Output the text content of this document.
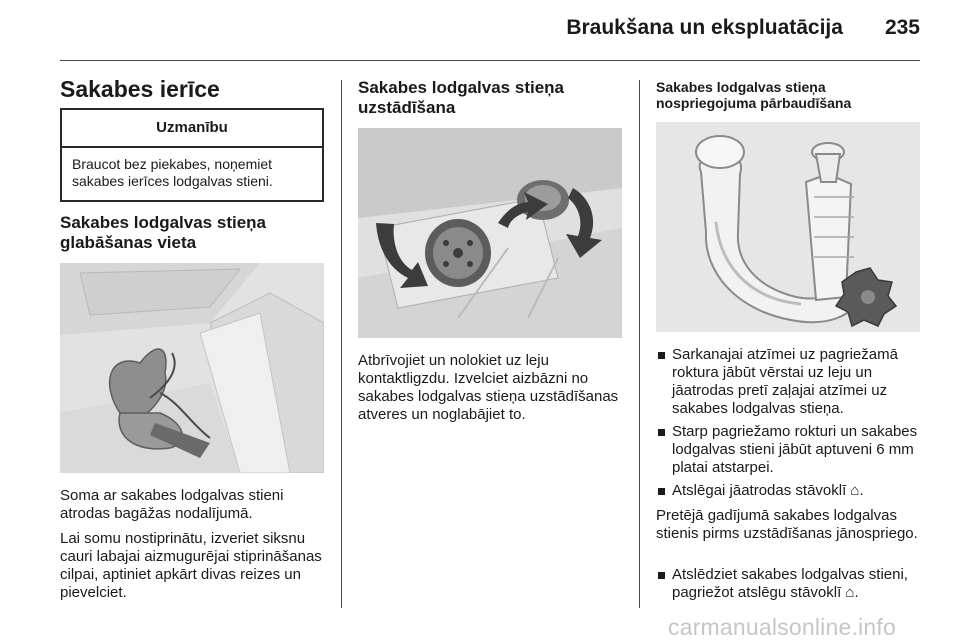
Braukšana un ekspluatācija 235
Sakabes ierīce
Uzmanību
Braucot bez piekabes, noņemiet sakabes ierīces lodgalvas stieni.
Sakabes lodgalvas stieņa glabāšanas vieta
Soma ar sakabes lodgalvas stieni atrodas bagāžas nodalījumā.
Lai somu nostiprinātu, izveriet siksnu cauri labajai aizmugurējai stiprināšanas cilpai, aptiniet apkārt divas reizes un pievelciet.
Sakabes lodgalvas stieņa uzstādīšana
Atbrīvojiet un nolokiet uz leju kontaktligzdu. Izvelciet aizbāzni no sakabes lodgalvas stieņa uzstādīšanas atveres un noglabājiet to.
Sakabes lodgalvas stieņa nospriegojuma pārbaudīšana
Sarkanajai atzīmei uz pagriežamā roktura jābūt vērstai uz leju un jāatrodas pretī zaļajai atzīmei uz sakabes lodgalvas stieņa.
Starp pagriežamo rokturi un sakabes lodgalvas stieni jābūt aptuveni 6 mm platai atstarpei.
Atslēgai jāatrodas stāvoklī ⌂.
Pretējā gadījumā sakabes lodgalvas stienis pirms uzstādīšanas jānospriego.
Atslēdziet sakabes lodgalvas stieni, pagriežot atslēgu stāvoklī ⌂.
carmanualsonline.info
